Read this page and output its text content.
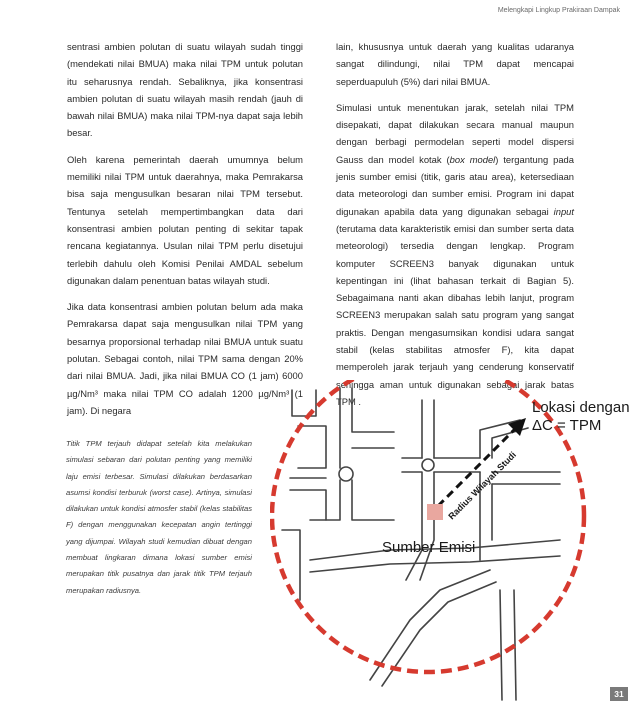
Melengkapi Lingkup Prakiraan Dampak

sentrasi ambien polutan di suatu wilayah sudah tinggi (mendekati nilai BMUA) maka nilai TPM untuk polutan itu seharusnya rendah. Sebaliknya, jika konsentrasi ambien polutan di suatu wilayah masih rendah (jauh di bawah nilai BMUA) maka nilai TPM-nya dapat saja lebih besar.

Oleh karena pemerintah daerah umumnya belum memiliki nilai TPM untuk daerahnya, maka Pemrakarsa bisa saja mengusulkan besaran nilai TPM tersebut. Tentunya setelah mempertimbangkan data dari konsentrasi ambien polutan penting di sekitar tapak rencana kegiatannya. Usulan nilai TPM perlu disetujui terlebih dahulu oleh Komisi Penilai AMDAL sebelum digunakan dalam penentuan batas wilayah studi.

Jika data konsentrasi ambien polutan belum ada maka Pemrakarsa dapat saja mengusulkan nilai TPM yang besarnya proporsional terhadap nilai BMUA untuk suatu polutan. Sebagai contoh, nilai TPM sama dengan 20% dari nilai BMUA. Jadi, jika nilai BMUA CO (1 jam) 6000 µg/Nm³ maka nilai TPM CO adalah 1200 µg/Nm³ (1 jam). Di negara

lain, khususnya untuk daerah yang kualitas udaranya sangat dilindungi, nilai TPM dapat mencapai seperduapuluh (5%) dari nilai BMUA.

Simulasi untuk menentukan jarak, setelah nilai TPM disepakati, dapat dilakukan secara manual maupun dengan berbagi permodelan seperti model dispersi Gauss dan model kotak (box model) tergantung pada jenis sumber emisi (titik, garis atau area), ketersediaan data meteorologi dan sumber emisi. Program ini dapat digunakan apabila data yang digunakan sebagai input (terutama data karakteristik emisi dan sumber serta data meteorologi) tersedia dengan lengkap. Program komputer SCREEN3 banyak digunakan untuk kepentingan ini (lihat bahasan terkait di Bagian 5). Sebagaimana nanti akan dibahas lebih lanjut, program SCREEN3 merupakan salah satu program yang sangat praktis. Dengan mengasumsikan kondisi udara sangat stabil (kelas stabilitas atmosfer F), kita dapat memperoleh jarak terjauh yang cenderung konservatif sehingga aman untuk digunakan sebagai jarak batas TPM .

Titik TPM terjauh didapat setelah kita melakukan simulasi sebaran dari polutan penting yang memiliki laju emisi terbesar. Simulasi dilakukan berdasarkan asumsi kondisi terburuk (worst case). Artinya, simulasi dilakukan untuk kondisi atmosfer stabil (kelas stabilitas F) dengan menggunakan kecepatan angin tertinggi yang dijumpai. Wilayah studi kemudian dibuat dengan membuat lingkaran dimana lokasi sumber emisi merupakan titik pusatnya dan jarak titik TPM terjauh merupakan radiusnya.
Lokasi dengan
ΔC = TPM
Radius Wilayah Studi
Sumber Emisi
31
